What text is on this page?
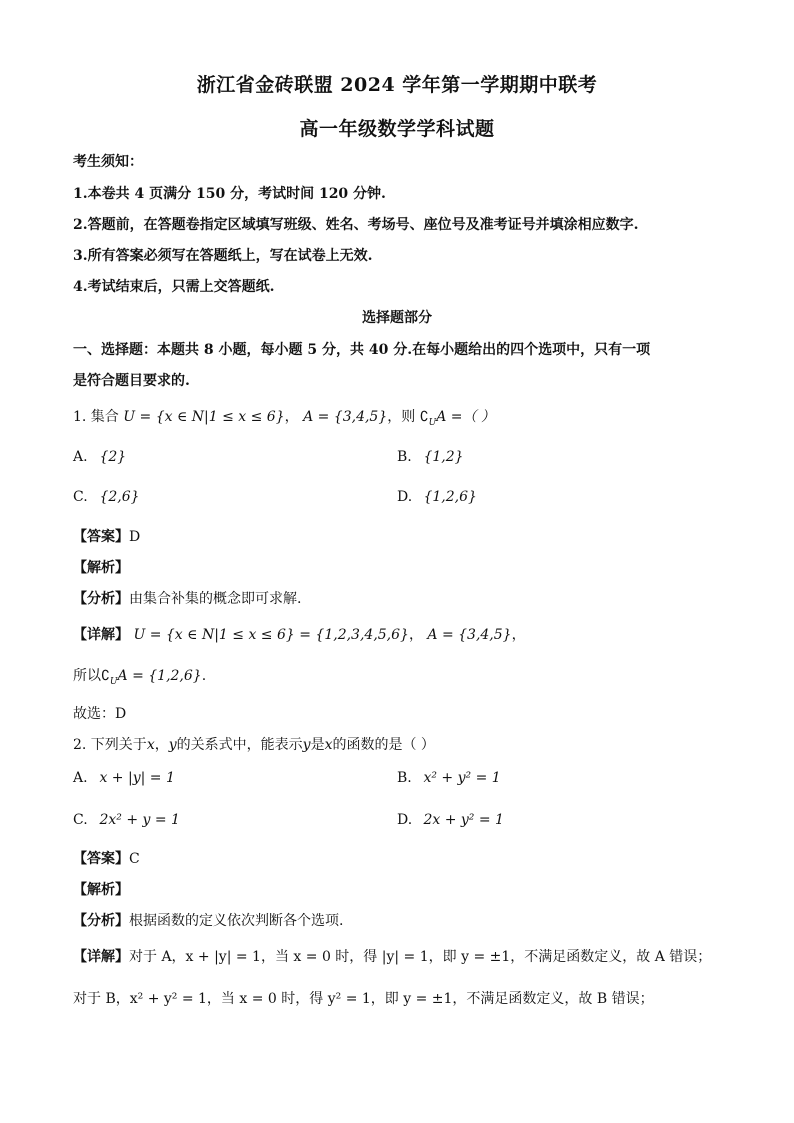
浙江省金砖联盟 2024 学年第一学期期中联考
高一年级数学学科试题
考生须知：
1.本卷共 4 页满分 150 分，考试时间 120 分钟.
2.答题前，在答题卷指定区域填写班级、姓名、考场号、座位号及准考证号并填涂相应数字.
3.所有答案必须写在答题纸上，写在试卷上无效.
4.考试结束后，只需上交答题纸.
选择题部分
一、选择题：本题共 8 小题，每小题 5 分，共 40 分.在每小题给出的四个选项中，只有一项
是符合题目要求的.
1. 集合 U = {x ∈ N|1 ≤ x ≤ 6}， A = {3,4,5}，则 $∁_UA$ =（ ）
A. {2}	B. {1,2}
C. {2,6}	D. {1,2,6}
【答案】D
【解析】
【分析】由集合补集的概念即可求解.
【详解】 U = {x ∈ N|1 ≤ x ≤ 6} = {1,2,3,4,5,6}， A = {3,4,5}，
所以$∁_UA = \{1,2,6\}$.
故选：D
2. 下列关于x，y的关系式中，能表示y是x的函数的是（ ）
A. x + |y| = 1	B. x² + y² = 1
C. 2x² + y = 1	D. 2x + y² = 1
【答案】C
【解析】
【分析】根据函数的定义依次判断各个选项.
【详解】对于 A，x + |y| = 1，当 x = 0 时，得 |y| = 1，即 y = ±1，不满足函数定义，故 A 错误；
对于 B，x² + y² = 1，当 x = 0 时，得 y² = 1，即 y = ±1，不满足函数定义，故 B 错误；
